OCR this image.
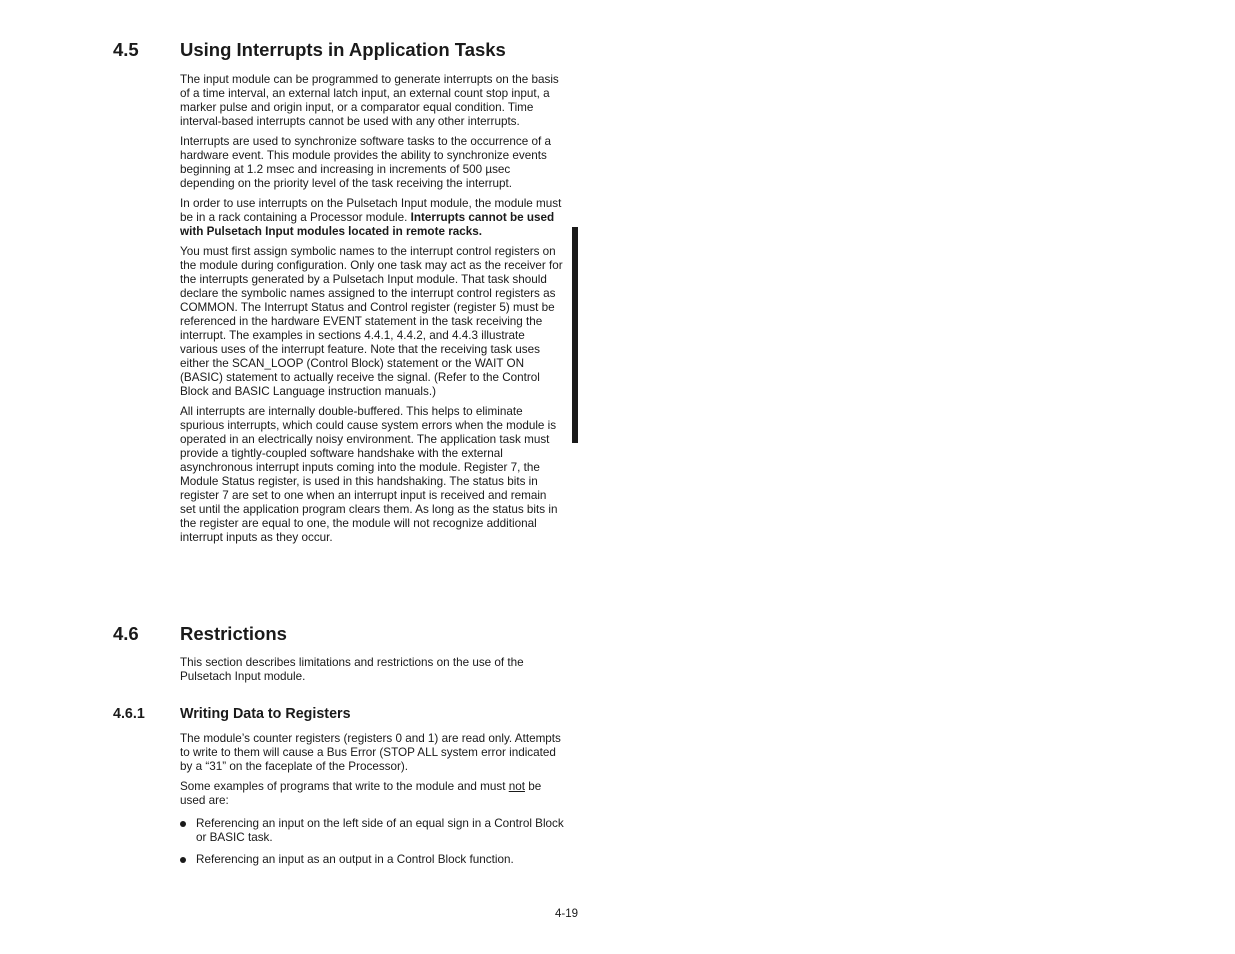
4.5 Using Interrupts in Application Tasks

The input module can be programmed to generate interrupts on the basis of a time interval, an external latch input, an external count stop input, a marker pulse and origin input, or a comparator equal condition. Time interval-based interrupts cannot be used with any other interrupts.

Interrupts are used to synchronize software tasks to the occurrence of a hardware event. This module provides the ability to synchronize events beginning at 1.2 msec and increasing in increments of 500 µsec depending on the priority level of the task receiving the interrupt.

In order to use interrupts on the Pulsetach Input module, the module must be in a rack containing a Processor module. Interrupts cannot be used with Pulsetach Input modules located in remote racks.

You must first assign symbolic names to the interrupt control registers on the module during configuration. Only one task may act as the receiver for the interrupts generated by a Pulsetach Input module. That task should declare the symbolic names assigned to the interrupt control registers as COMMON. The Interrupt Status and Control register (register 5) must be referenced in the hardware EVENT statement in the task receiving the interrupt. The examples in sections 4.4.1, 4.4.2, and 4.4.3 illustrate various uses of the interrupt feature. Note that the receiving task uses either the SCAN_LOOP (Control Block) statement or the WAIT ON (BASIC) statement to actually receive the signal. (Refer to the Control Block and BASIC Language instruction manuals.)

All interrupts are internally double-buffered. This helps to eliminate spurious interrupts, which could cause system errors when the module is operated in an electrically noisy environment. The application task must provide a tightly-coupled software handshake with the external asynchronous interrupt inputs coming into the module. Register 7, the Module Status register, is used in this handshaking. The status bits in register 7 are set to one when an interrupt input is received and remain set until the application program clears them. As long as the status bits in the register are equal to one, the module will not recognize additional interrupt inputs as they occur.

4.6 Restrictions

This section describes limitations and restrictions on the use of the Pulsetach Input module.

4.6.1 Writing Data to Registers

The module’s counter registers (registers 0 and 1) are read only. Attempts to write to them will cause a Bus Error (STOP ALL system error indicated by a “31” on the faceplate of the Processor).

Some examples of programs that write to the module and must not be used are:

Referencing an input on the left side of an equal sign in a Control Block or BASIC task.
Referencing an input as an output in a Control Block function.
4-19
